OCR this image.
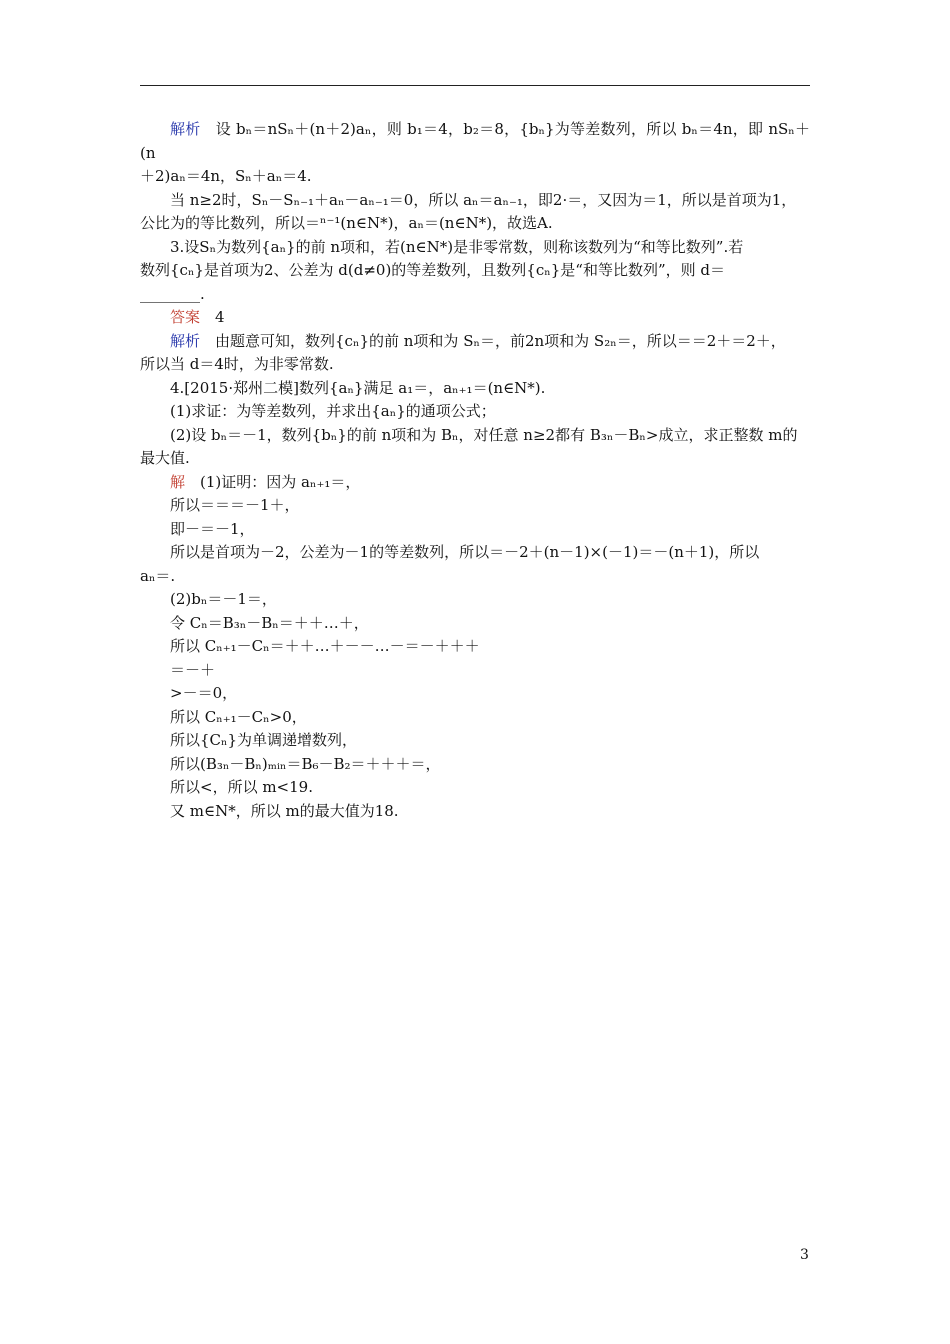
解析　设 bₙ＝nSₙ＋(n＋2)aₙ，则 b₁＝4，b₂＝8，{bₙ}为等差数列，所以 bₙ＝4n，即 nSₙ＋(n

＋2)aₙ＝4n，Sₙ＋aₙ＝4.

当 n≥2时，Sₙ－Sₙ₋₁＋aₙ－aₙ₋₁＝0，所以 aₙ＝aₙ₋₁，即2·＝，又因为＝1，所以是首项为1，

公比为的等比数列，所以＝ⁿ⁻¹(n∈N*)，aₙ＝(n∈N*)，故选A.

3.设Sₙ为数列{aₙ}的前 n项和，若(n∈N*)是非零常数，则称该数列为“和等比数列”.若

数列{cₙ}是首项为2、公差为 d(d≠0)的等差数列，且数列{cₙ}是“和等比数列”，则 d＝

________.

答案　4

解析　由题意可知，数列{cₙ}的前 n项和为 Sₙ＝，前2n项和为 S₂ₙ＝，所以＝＝2＋＝2＋，

所以当 d＝4时，为非零常数.

4.[2015·郑州二模]数列{aₙ}满足 a₁＝，aₙ₊₁＝(n∈N*).

(1)求证：为等差数列，并求出{aₙ}的通项公式；

(2)设 bₙ＝－1，数列{bₙ}的前 n项和为 Bₙ，对任意 n≥2都有 B₃ₙ－Bₙ>成立，求正整数 m的

最大值.

解　(1)证明：因为 aₙ₊₁＝，

所以＝＝＝－1＋，

即－＝－1，

所以是首项为－2，公差为－1的等差数列，所以＝－2＋(n－1)×(－1)＝－(n＋1)，所以

aₙ＝.

(2)bₙ＝－1＝，

令 Cₙ＝B₃ₙ－Bₙ＝＋＋…＋，

所以 Cₙ₊₁－Cₙ＝＋＋…＋－－…－＝－＋＋＋

＝－＋

>－＝0，

所以 Cₙ₊₁－Cₙ>0，

所以{Cₙ}为单调递增数列，

所以(B₃ₙ－Bₙ)ₘᵢₙ＝B₆－B₂＝＋＋＋＝，

所以<，所以 m<19.

又 m∈N*，所以 m的最大值为18.

3
